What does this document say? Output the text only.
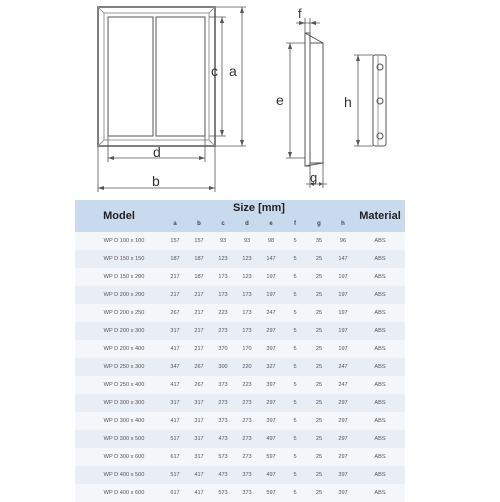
a
c
d
b
e
f
g
h
Model	Size [mm]								Material
	a	b	c	d	e	f	g	h	
WP D 100 x 100	157	157	93	93	98	5	35	96	ABS
WP D 150 x 150	187	187	123	123	147	5	25	147	ABS
WP D 150 x 200	217	187	173	123	197	5	25	197	ABS
WP D 200 x 200	217	217	173	173	197	5	25	197	ABS
WP D 200 x 250	267	217	223	173	247	5	25	197	ABS
WP D 200 x 300	317	217	273	173	297	5	25	197	ABS
WP D 200 x 400	417	217	370	170	397	5	25	197	ABS
WP D 250 x 300	347	267	300	220	327	5	25	247	ABS
WP D 250 x 400	417	267	373	223	397	5	25	247	ABS
WP D 300 x 300	317	317	273	273	297	5	25	297	ABS
WP D 300 x 400	417	317	373	273	397	5	25	297	ABS
WP D 300 x 500	517	317	473	273	497	5	25	297	ABS
WP D 300 x 600	617	317	573	273	597	5	25	297	ABS
WP D 400 x 500	517	417	473	373	497	5	25	397	ABS
WP D 400 x 600	617	417	573	373	597	5	25	397	ABS
